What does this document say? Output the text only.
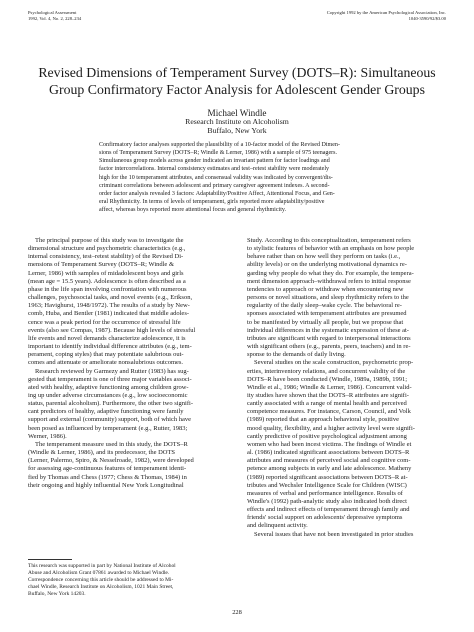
Psychological Assessment
1992, Vol. 4, No. 2, 228–234
Copyright 1992 by the American Psychological Association, Inc.
1040-3590/92/$3.00
Revised Dimensions of Temperament Survey (DOTS–R): Simultaneous
Group Confirmatory Factor Analysis for Adolescent Gender Groups
Michael Windle
Research Institute on Alcoholism
Buffalo, New York
Confirmatory factor analyses supported the plausibility of a 10-factor model of the Revised Dimen-
sions of Temperament Survey (DOTS–R; Windle & Lerner, 1986) with a sample of 975 teenagers.
Simultaneous group models across gender indicated an invariant pattern for factor loadings and
factor intercorrelations. Internal consistency estimates and test–retest stability were moderately
high for the 10 temperament attributes, and consensual validity was indicated by convergent/dis-
criminant correlations between adolescent and primary caregiver agreement indexes. A second-
order factor analysis revealed 3 factors: Adaptability/Positive Affect, Attentional Focus, and Gen-
eral Rhythmicity. In terms of levels of temperament, girls reported more adaptability/positive
affect, whereas boys reported more attentional focus and general rhythmicity.
The principal purpose of this study was to investigate the
dimensional structure and psychometric characteristics (e.g.,
internal consistency, test–retest stability) of the Revised Di-
mensions of Temperament Survey (DOTS–R; Windle &
Lerner, 1986) with samples of midadolescent boys and girls
(mean age = 15.5 years). Adolescence is often described as a
phase in the life span involving confrontation with numerous
challenges, psychosocial tasks, and novel events (e.g., Erikson,
1963; Havighurst, 1948/1972). The results of a study by New-
comb, Huba, and Bentler (1981) indicated that middle adoles-
cence was a peak period for the occurrence of stressful life
events (also see Compas, 1987). Because high levels of stressful
life events and novel demands characterize adolescence, it is
important to identify individual difference attributes (e.g., tem-
perament, coping styles) that may potentiate salubrious out-
comes and attenuate or ameliorate nonsalubrious outcomes.
Research reviewed by Garmezy and Rutter (1983) has sug-
gested that temperament is one of three major variables associ-
ated with healthy, adaptive functioning among children grow-
ing up under adverse circumstances (e.g., low socioeconomic
status, parental alcoholism). Furthermore, the other two signifi-
cant predictors of healthy, adaptive functioning were family
support and external (community) support, both of which have
been posed as influenced by temperament (e.g., Rutter, 1983;
Werner, 1986).
The temperament measure used in this study, the DOTS–R
(Windle & Lerner, 1986), and its predecessor, the DOTS
(Lerner, Palermo, Spiro, & Nesselroade, 1982), were developed
for assessing age-continuous features of temperament identi-
fied by Thomas and Chess (1977; Chess & Thomas, 1984) in
their ongoing and highly influential New York Longitudinal
Study. According to this conceptualization, temperament refers
to stylistic features of behavior with an emphasis on how people
behave rather than on how well they perform on tasks (i.e.,
ability levels) or on the underlying motivational dynamics re-
garding why people do what they do. For example, the tempera-
ment dimension approach–withdrawal refers to initial response
tendencies to approach or withdraw when encountering new
persons or novel situations, and sleep rhythmicity refers to the
regularity of the daily sleep–wake cycle. The behavioral re-
sponses associated with temperament attributes are presumed
to be manifested by virtually all people, but we propose that
individual differences in the systematic expression of these at-
tributes are significant with regard to interpersonal interactions
with significant others (e.g., parents, peers, teachers) and in re-
sponse to the demands of daily living.
Several studies on the scale construction, psychometric prop-
erties, interinventory relations, and concurrent validity of the
DOTS–R have been conducted (Windle, 1989a, 1989b, 1991;
Windle et al., 1986; Windle & Lerner, 1986). Concurrent valid-
ity studies have shown that the DOTS–R attributes are signifi-
cantly associated with a range of mental health and perceived
competence measures. For instance, Carson, Council, and Volk
(1989) reported that an approach behavioral style, positive
mood quality, flexibility, and a higher activity level were signifi-
cantly predictive of positive psychological adjustment among
women who had been incest victims. The findings of Windle et
al. (1986) indicated significant associations between DOTS–R
attributes and measures of perceived social and cognitive com-
petence among subjects in early and late adolescence. Matheny
(1989) reported significant associations between DOTS–R at-
tributes and Wechsler Intelligence Scale for Children (WISC)
measures of verbal and performance intelligence. Results of
Windle's (1992) path-analytic study also indicated both direct
effects and indirect effects of temperament through family and
friends' social support on adolescents' depressive symptoms
and delinquent activity.
Several issues that have not been investigated in prior studies
This research was supported in part by National Institute of Alcohol
Abuse and Alcoholism Grant 07861 awarded to Michael Windle.
Correspondence concerning this article should be addressed to Mi-
chael Windle, Research Institute on Alcoholism, 1021 Main Street,
Buffalo, New York 14203.
228
